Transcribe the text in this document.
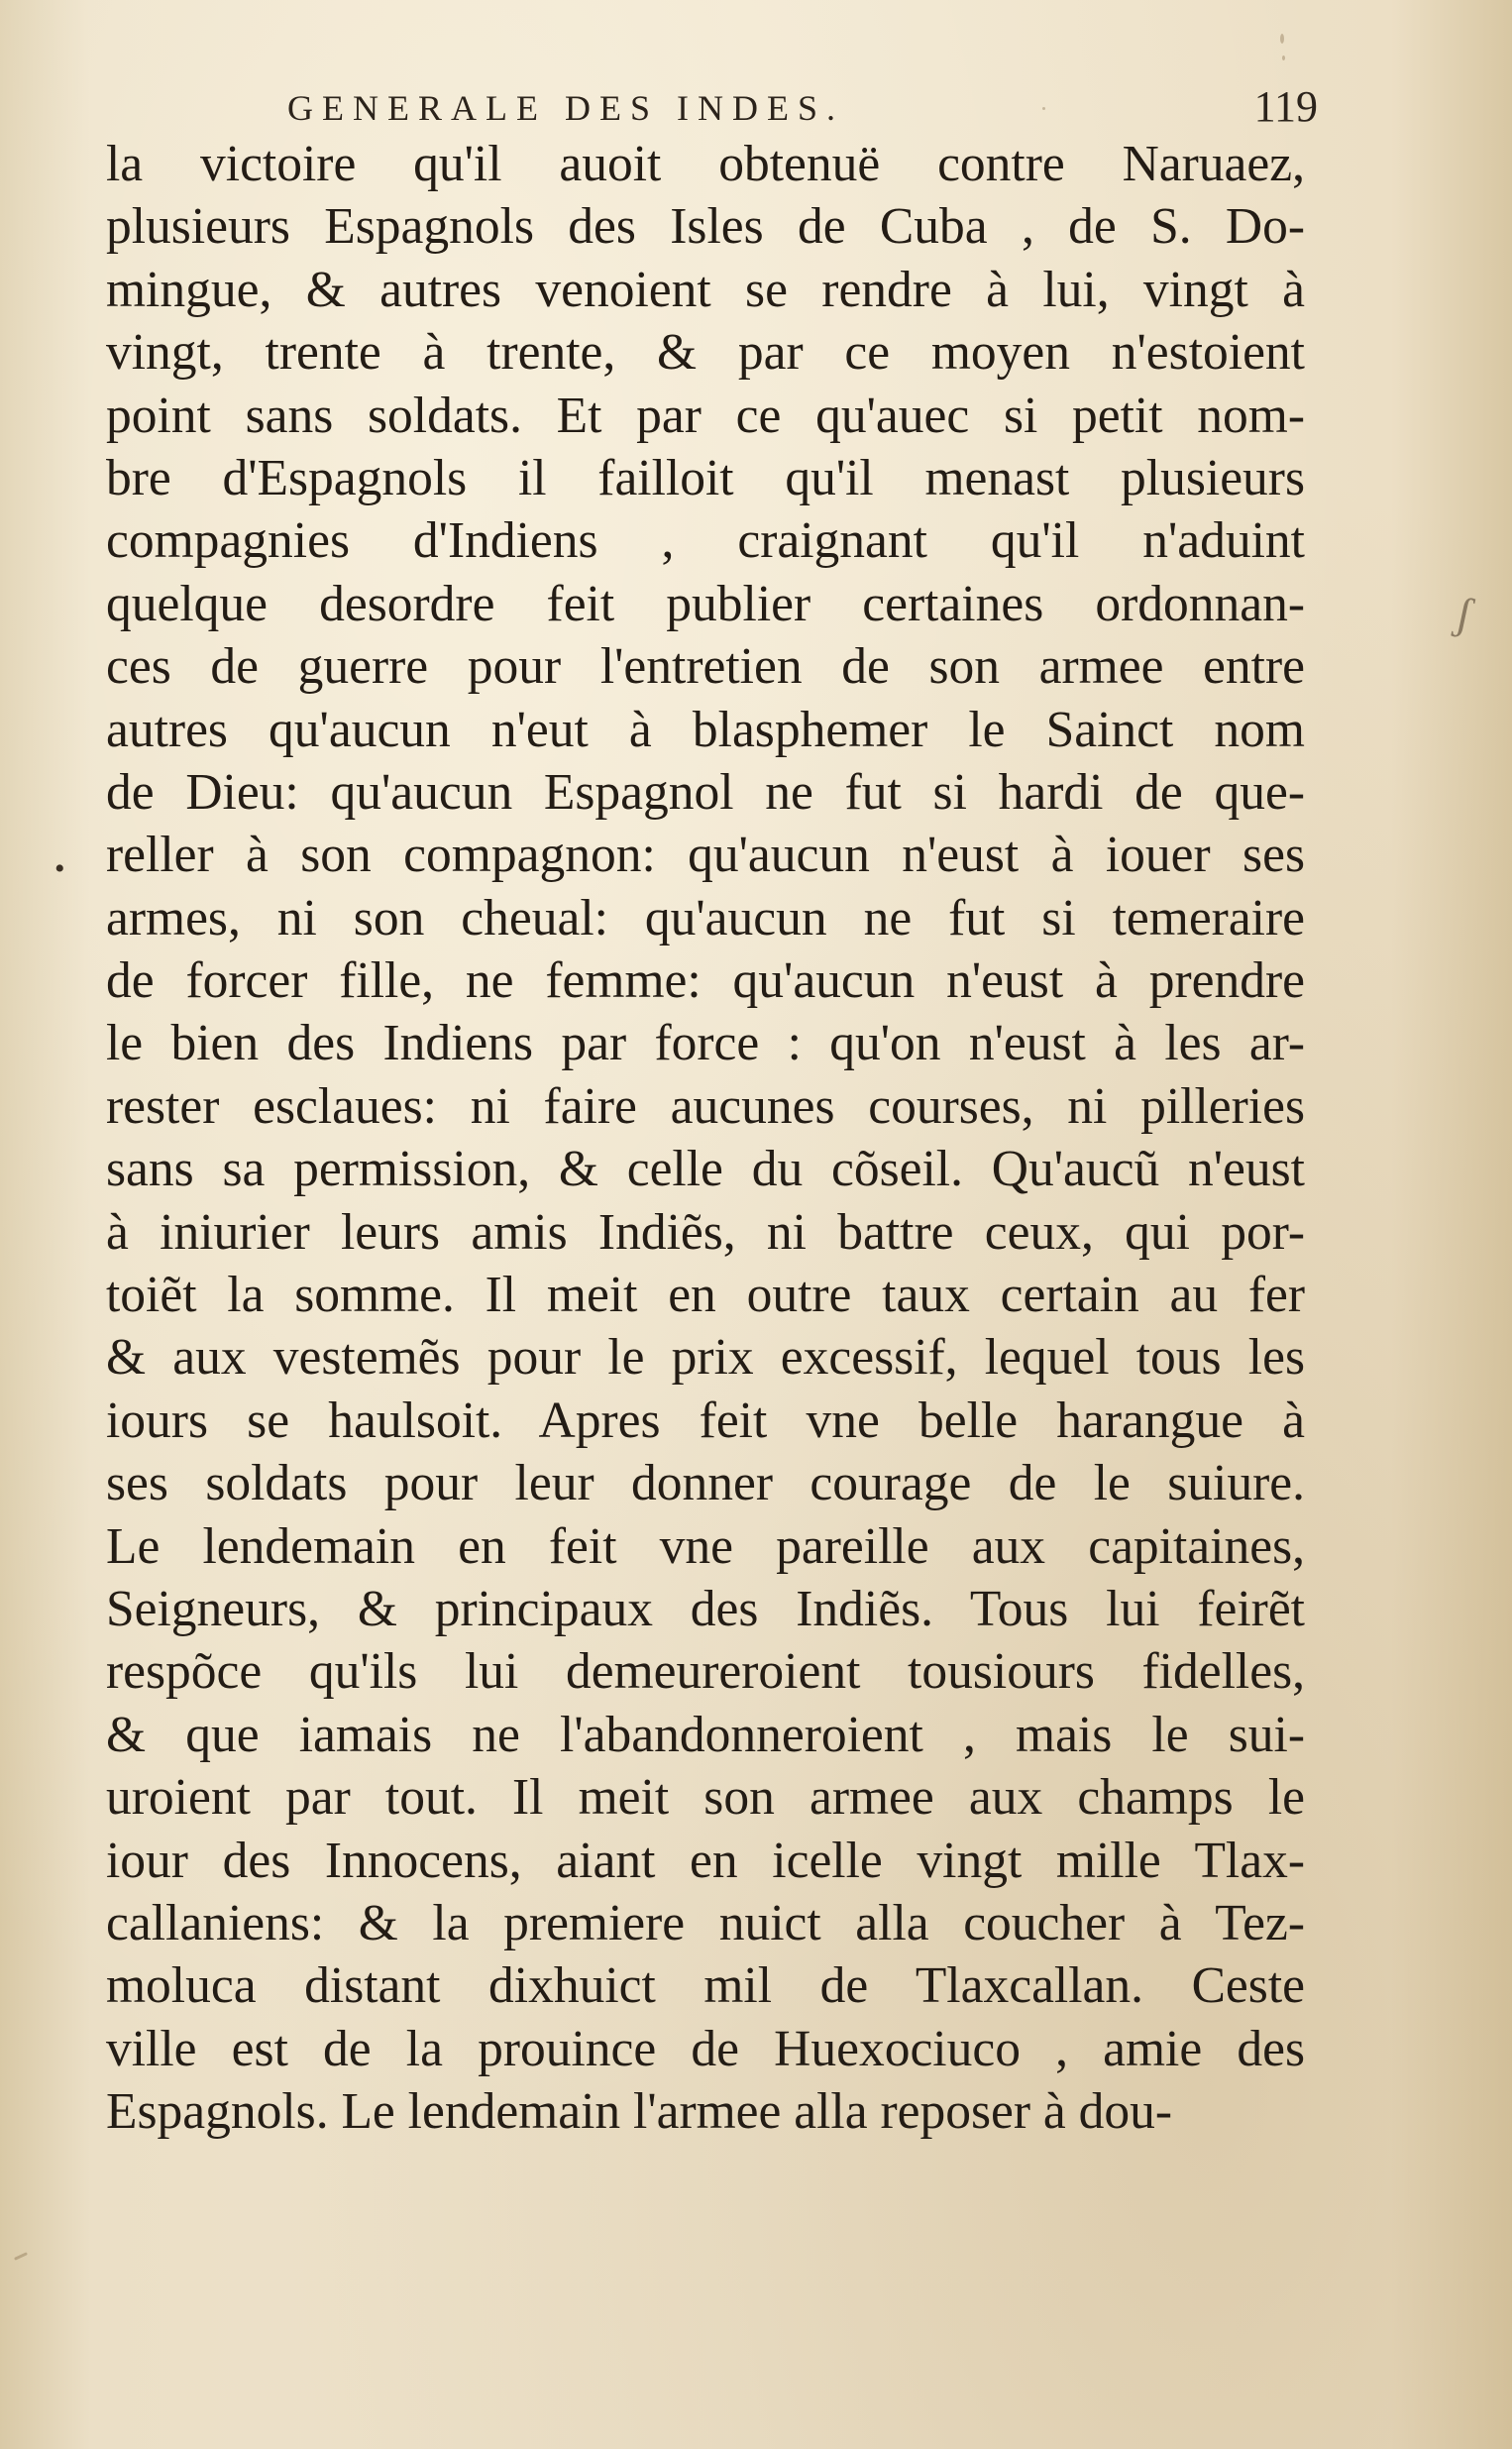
•
ʃ
GENERALE DES INDES.	119
la victoire qu'il auoit obtenuë contre Naruaez,
plusieurs Espagnols des Isles de Cuba , de S. Do-
mingue, & autres venoient se rendre à lui, vingt à
vingt, trente à trente, & par ce moyen n'estoient
point sans soldats. Et par ce qu'auec si petit nom-
bre d'Espagnols il failloit qu'il menast plusieurs
compagnies d'Indiens , craignant qu'il n'aduint
quelque desordre feit publier certaines ordonnan-
ces de guerre pour l'entretien de son armee entre
autres qu'aucun n'eut à blasphemer le Sainct nom
de Dieu: qu'aucun Espagnol ne fut si hardi de que-
reller à son compagnon: qu'aucun n'eust à iouer ses
armes, ni son cheual: qu'aucun ne fut si temeraire
de forcer fille, ne femme: qu'aucun n'eust à prendre
le bien des Indiens par force : qu'on n'eust à les ar-
rester esclaues: ni faire aucunes courses, ni pilleries
sans sa permission, & celle du cõseil. Qu'aucũ n'eust
à iniurier leurs amis Indiẽs, ni battre ceux, qui por-
toiẽt la somme. Il meit en outre taux certain au fer
& aux vestemẽs pour le prix excessif, lequel tous les
iours se haulsoit. Apres feit vne belle harangue à
ses soldats pour leur donner courage de le suiure.
Le lendemain en feit vne pareille aux capitaines,
Seigneurs, & principaux des Indiẽs. Tous lui feirẽt
respõce qu'ils lui demeureroient tousiours fidelles,
& que iamais ne l'abandonneroient , mais le sui-
uroient par tout. Il meit son armee aux champs le
iour des Innocens, aiant en icelle vingt mille Tlax-
callaniens: & la premiere nuict alla coucher à Tez-
moluca distant dixhuict mil de Tlaxcallan. Ceste
ville est de la prouince de Huexociuco , amie des
Espagnols. Le lendemain l'armee alla reposer à dou-
